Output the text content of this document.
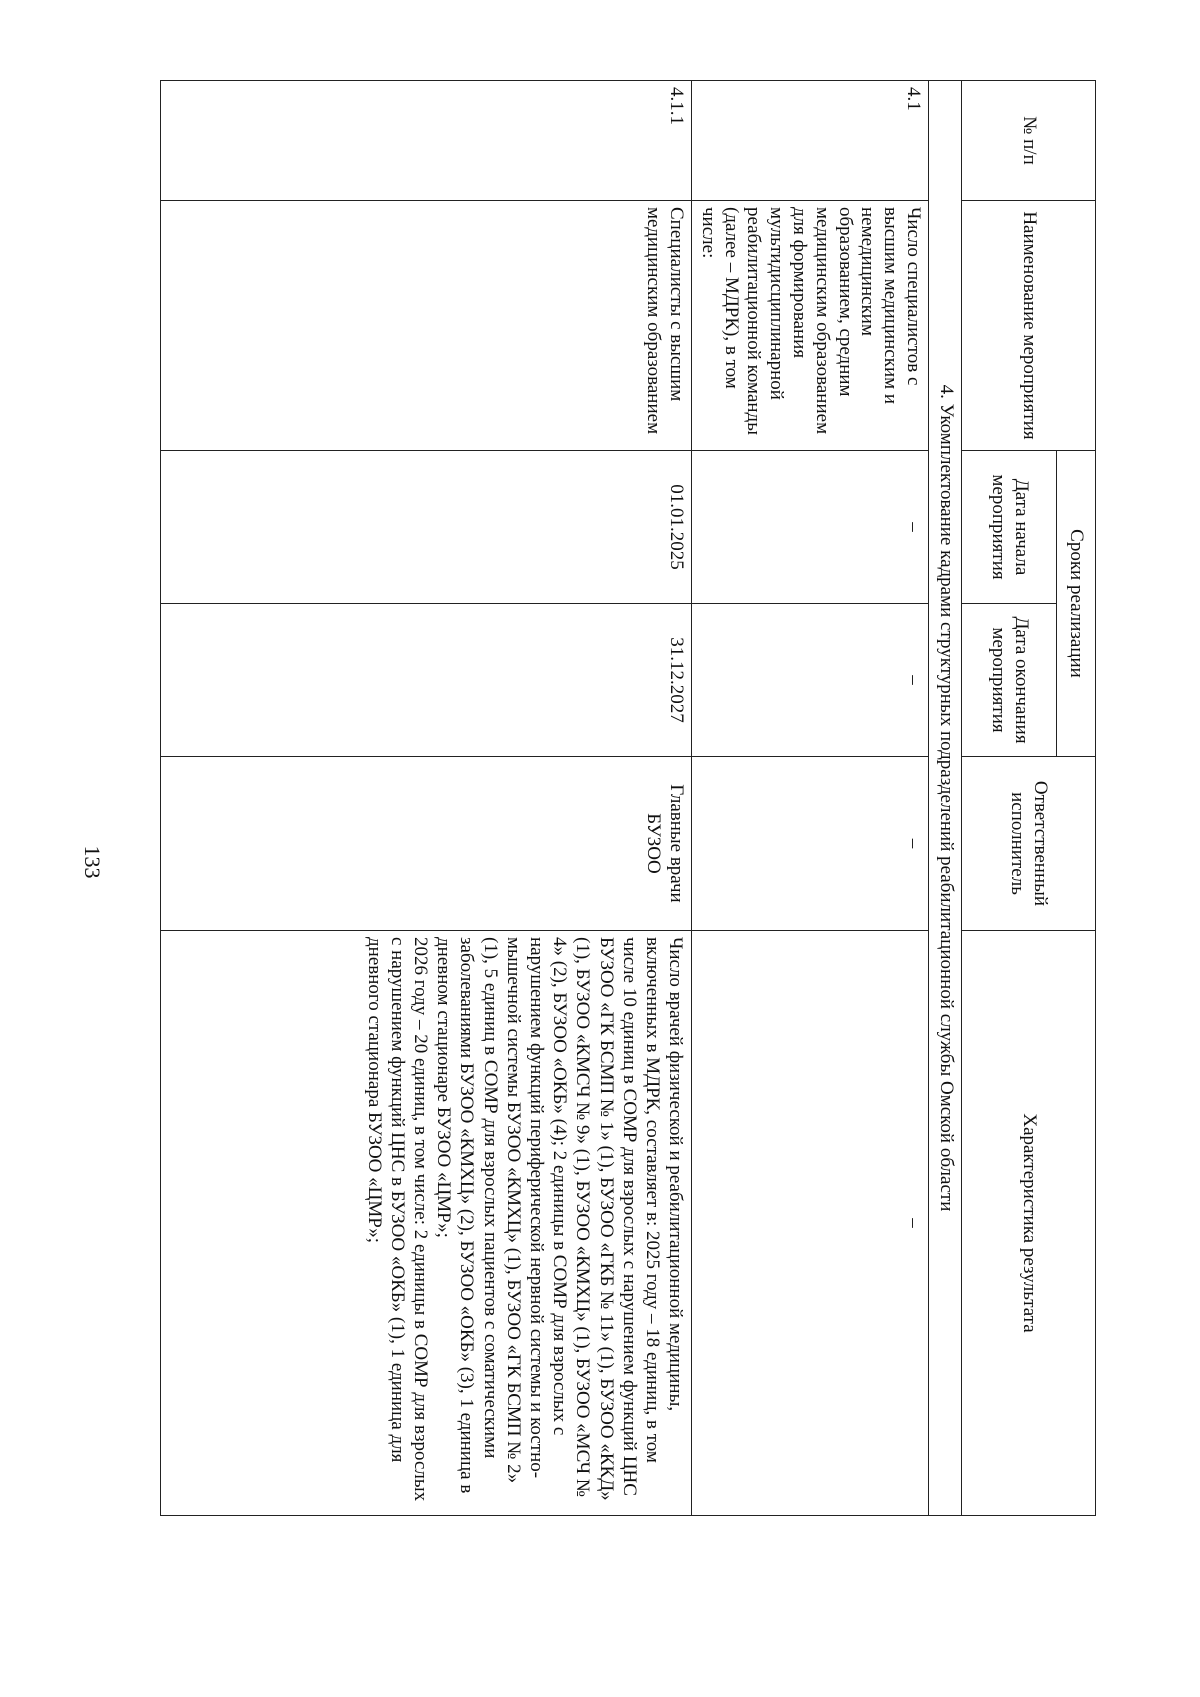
133
№ п/п	Наименование мероприятия	Сроки реализации		Ответственный исполнитель	Характеристика результата
		Дата начала мероприятия	Дата окончания мероприятия		
4. Укомплектование кадрами структурных подразделений реабилитационной службы Омской области					
4.1	Число специалистов с высшим медицинским и немедицинским образованием, средним медицинским образованием для формирования мультидисциплинарной реабилитационной команды (далее – МДРК), в том числе:	–	–	–	–
4.1.1	Специалисты с высшим медицинским образованием	01.01.2025	31.12.2027	Главные врачи БУЗОО	Число врачей физической и реабилитационной медицины, включенных в МДРК, составляет в: 2025 году – 18 единиц, в том числе 10 единиц в СОМР для взрослых с нарушением функций ЦНС БУЗОО «ГК БСМП № 1» (1), БУЗОО «ГКБ № 11» (1), БУЗОО «ККД» (1), БУЗОО «КМСЧ № 9» (1), БУЗОО «КМХЦ» (1), БУЗОО «МСЧ № 4» (2), БУЗОО «ОКБ» (4); 2 единицы в СОМР для взрослых с нарушением функций периферической нервной системы и костно-мышечной системы БУЗОО «КМХЦ» (1), БУЗОО «ГК БСМП № 2» (1), 5 единиц в СОМР для взрослых пациентов с соматическими заболеваниями БУЗОО «КМХЦ» (2), БУЗОО «ОКБ» (3), 1 единица в дневном стационаре БУЗОО «ЦМР»;
2026 году – 20 единиц, в том числе: 2 единицы в СОМР для взрослых с нарушением функций ЦНС в БУЗОО «ОКБ» (1), 1 единица для дневного стационара БУЗОО «ЦМР»;
